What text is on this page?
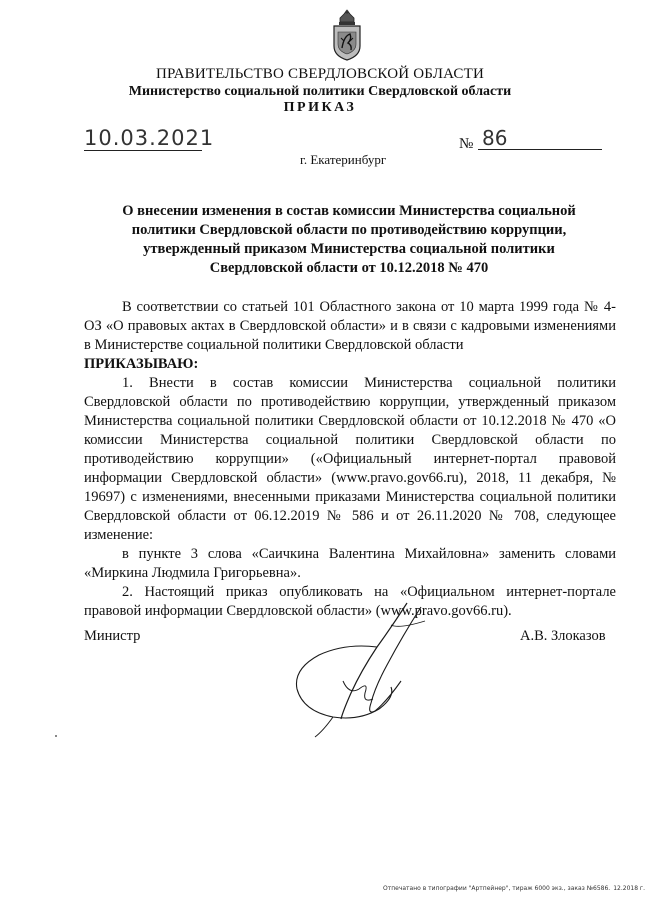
ПРАВИТЕЛЬСТВО СВЕРДЛОВСКОЙ ОБЛАСТИ
Министерство социальной политики Свердловской области
ПРИКАЗ
10.03.2021	№ 86
г. Екатеринбург
О внесении изменения в состав комиссии Министерства социальной политики Свердловской области по противодействию коррупции, утвержденный приказом Министерства социальной политики Свердловской области от 10.12.2018 № 470

В соответствии со статьей 101 Областного закона от 10 марта 1999 года № 4-ОЗ «О правовых актах в Свердловской области» и в связи с кадровыми изменениями в Министерстве социальной политики Свердловской области

ПРИКАЗЫВАЮ:

1. Внести в состав комиссии Министерства социальной политики Свердловской области по противодействию коррупции, утвержденный приказом Министерства социальной политики Свердловской области от 10.12.2018 № 470 «О комиссии Министерства социальной политики Свердловской области по противодействию коррупции» («Официальный интернет-портал правовой информации Свердловской области» (www.pravo.gov66.ru), 2018, 11 декабря, № 19697) с изменениями, внесенными приказами Министерства социальной политики Свердловской области от 06.12.2019 № 586 и от 26.11.2020 № 708, следующее изменение:

в пункте 3 слова «Саичкина Валентина Михайловна» заменить словами «Миркина Людмила Григорьевна».

2. Настоящий приказ опубликовать на «Официальном интернет-портале правовой информации Свердловской области» (www.pravo.gov66.ru).

Министр	А.В. Злоказов
Отпечатано в типографии "Артпейнер", тираж 6000 экз., заказ №6586. 12.2018 г.
